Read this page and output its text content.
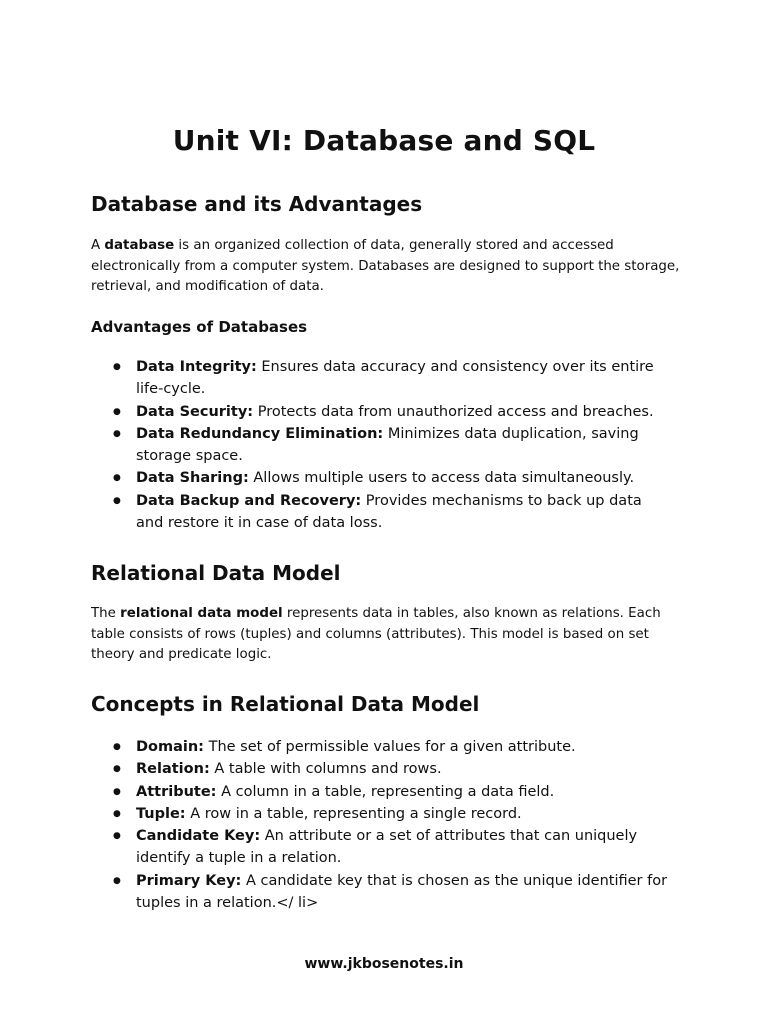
Unit VI: Database and SQL
Database and its Advantages

A database is an organized collection of data, generally stored and accessed electronically from a computer system. Databases are designed to support the storage, retrieval, and modification of data.

Advantages of Databases
● Data Integrity: Ensures data accuracy and consistency over its entire life-cycle.
● Data Security: Protects data from unauthorized access and breaches.
● Data Redundancy Elimination: Minimizes data duplication, saving storage space.
● Data Sharing: Allows multiple users to access data simultaneously.
● Data Backup and Recovery: Provides mechanisms to back up data and restore it in case of data loss.
Relational Data Model

The relational data model represents data in tables, also known as relations. Each table consists of rows (tuples) and columns (attributes). This model is based on set theory and predicate logic.

Concepts in Relational Data Model
● Domain: The set of permissible values for a given attribute.
● Relation: A table with columns and rows.
● Attribute: A column in a table, representing a data field.
● Tuple: A row in a table, representing a single record.
● Candidate Key: An attribute or a set of attributes that can uniquely identify a tuple in a relation.
● Primary Key: A candidate key that is chosen as the unique identifier for tuples in a relation.</ li>

www.jkbosenotes.in
